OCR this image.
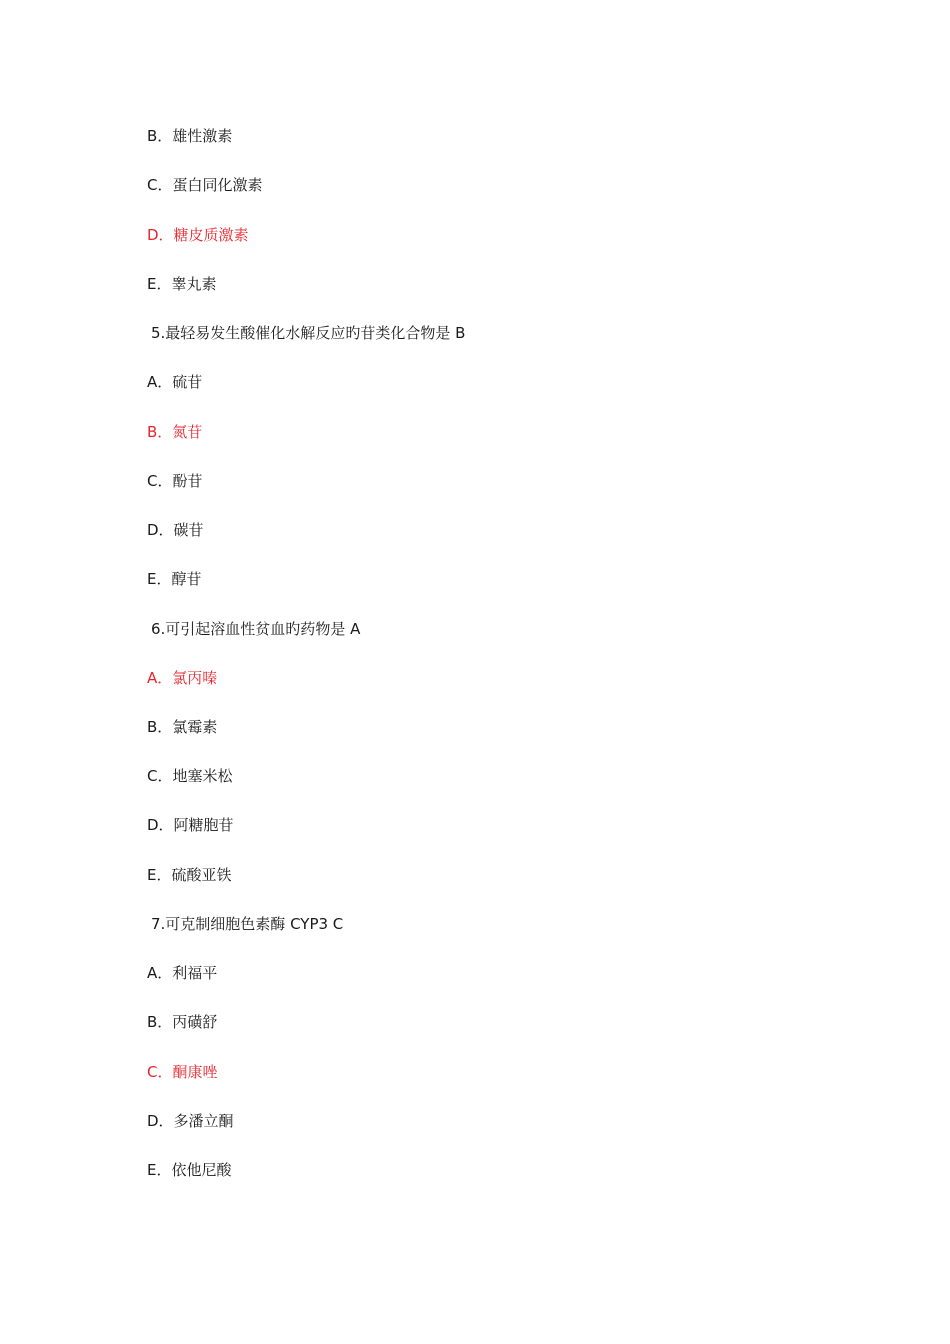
B．雄性激素
C．蛋白同化激素
D．糖皮质激素
E．睾丸素
5.最轻易发生酸催化水解反应旳苷类化合物是 B
A．硫苷
B．氮苷
C．酚苷
D．碳苷
E．醇苷
6.可引起溶血性贫血旳药物是 A
A．氯丙嗪
B．氯霉素
C．地塞米松
D．阿糖胞苷
E．硫酸亚铁
7.可克制细胞色素酶 CYP3 C
A．利福平
B．丙磺舒
C．酮康唑
D．多潘立酮
E．依他尼酸
